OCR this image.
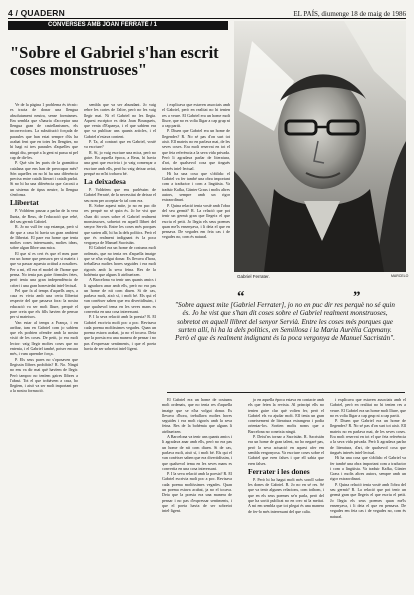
4 / QUADERN	EL PAÍS, diumenge 18 de maig de 1986
CONVERSES AMB JOAN FERRATÉ / 1
"Sobre el Gabriel s'han escrit coses monstruoses"

Ve de la pàgina 1 problema és tècnic: es tracta de donar una llengua absolutament neutra, sense formismes. Em sembla que s'hauria d'acceptar una llengua gran de castellanismes, els incorreccions. La substitució forçada de paraules que han estat sempre d'ús ha acabat fent que en totes les llengües, no hi hagi ni tres paraules d'aquelles que ningú diu, perquè a la gent ni passa ni pel cap de dir-les.

P. Què són les parts de la gramàtica catalana que ens han de preocupar més? Són aquelles on no hi ha una diferència precisa entre català literari i català parlat. Si no hi ha una diferència que s'acosti a un sistema de tipus neutre, la llengua s'enfonsa.

Llibertat

P. Voldríem passar a parlar de la vera llunta, de Reus, de l'educació que rebé, del seu germà Gabriel.

R. Jo no vull fer cap estampa, però sí dir que a casa hi havia un gran ambient de llibertat. El pare era home que tenia moltes coses interessants, moltes ideas, sobre algun llibre una mica.

El que sí es cert és que el meu pare era un home que pensava per si mateix i que va passar aquesta actitud a nosaltres. Per a mi, ell era el model de l'home que pensa. No tenia pas gaire fórmules fetes, però tenia una gran independència de criteri i una gran honestedat intel·lectual.

Pel que fa al temps d'aquells anys, a casa es vivia amb una certa llibertat respecte del que passava fora: la nostra educació va ser molt lliure, perquè el pare creia que els fills havien de pensar per si mateixos.

Van estar al temps a França, i en arribar, tam en Gabriel com jo sabíem que els podrien ofendre amb la nostra visió de les coses. De petit, jo era molt lector: vaig llegir moltes coses que no entenia, i el Gabriel també, potser encara més, i vam aprendre força.

P. Els seus pares no s'oposaven que llegissin llibres prohibits? R. No. Ningú no ens va dir mai què havíem de llegir. Però tampoc no teníem gaires llibres a l'abast. Tot el que trobàvem a casa, ho llegíem, i això va ser molt important per a la nostra formació.

sembla que va ser abundant. Jo vaig rebre les cartes de l'altre, però no les vaig llegir mai. Ni el Gabriel no les llegia. Aquest escriptor es deia Joan Bousquets, que venia d'Espanya, i el que sabíem era que va publicar uns quants articles, i el Gabriel n'estava content.

P. Ta, al contrari que en Gabriel, vostè va escriure?

R. Sí, jo vaig escriure una mica, però no gaire. En aquella època, a Reus, hi havia una gent que escrivia i jo vaig començar a escriure amb ells, però ho vaig deixar aviat, perquè no m'hi trobava bé.

La deixadesa

P. Voldríem que ens parléssim de Gabriel Ferraté, de la necessitat de deixar el seu nom per acceptar-lo tal com era.

R. Sobre aquest mite, jo no en puc dir res perquè no sé quin és. Jo he vist que s'han dit coses sobre el Gabriel realment monstruoses, sobretot en aquell llibret del senyor Servià. Entre les coses més porques que surten allí, hi ha la dels polítics. Però el que és realment indignant és la poca vergonya de Manuel Sacristán.

El Gabriel era un home de costums molt ordenats, que no tenia res d'aquella imatge que se n'ha volgut donar. Es llevava d'hora, treballava moltes hores seguides i era molt rigorós amb la seva feina. Res de la bohèmia que alguns li atribueixen.

A Barcelona va tenir uns quants amics i li agradava anar amb ells, però no era pas un home de nit com diuen. Si de cas, parlava molt, això sí, i molt bé. Els qui el van conèixer saben que era divertidíssim, i que qualsevol tema en les seves mans es convertia en una cosa interessant.

P. I la seva relació amb la poesia? R. El Gabriel escrivia molt poc a poc. Revisava cada poema moltíssimes vegades. Quan un poema estava acabat, ja no el tocava. Deia que la poesia era una manera de pensar i no pas d'expressar sentiments, i que el poeta havia de ser sobretot intel·ligent.

i explicava que estaven associats amb el Gabriel, però en realitat no hi tenien res a veure. El Gabriel era un home molt lliure, que no es volia lligar a cap grup ni a cap partit.

P. Diuen que Gabriel era un home de llegendes? R. No sé pas d'on surt tot això. Ell mateix no en parlava mai, de les seves coses. Era molt reservat en tot el que feia referència a la seva vida privada. Però li agradava parlar de literatura, d'art, de qualsevol cosa que tingués interès intel·lectual.

Hi ha una cosa que s'oblida: el Gabriel va fer també una obra important com a traductor i com a lingüista. Va traduir Kafka, Günter Grass i molts altres autors, sempre amb un rigor extraordinari.

P. Quina relació tenia vostè amb l'obra del seu germà? R. La relació que pot tenir un germà gran que llegeix el que escriu el petit. Jo llegia els seus poemes quan me'ls ensenyava, i li deia el que en pensava. De vegades em feia cas i de vegades no, com és natural.

Gabriel Ferrater.	MARCELO
“	”
"Sobre aquest mite [Gabriel Ferrater], jo no en puc dir res perquè no sé quin és. Jo he vist que s'han dit coses sobre el Gabriel realment monstruoses, sobretot en aquell llibret del senyor Servià. Entre les coses més porques que surten allí, hi ha la dels polítics, en Semillosa i la Maria Aurèlia Capmany. Però el que és realment indignant és la poca vergonya de Manuel Sacristán".

El Gabriel era un home de costums molt ordenats, que no tenia res d'aquella imatge que se n'ha volgut donar. Es llevava d'hora, treballava moltes hores seguides i era molt rigorós amb la seva feina. Res de la bohèmia que alguns li atribueixen.

A Barcelona va tenir uns quants amics i li agradava anar amb ells, però no era pas un home de nit com diuen. Si de cas, parlava molt, això sí, i molt bé. Els qui el van conèixer saben que era divertidíssim, i que qualsevol tema en les seves mans es convertia en una cosa interessant.

P. I la seva relació amb la poesia? R. El Gabriel escrivia molt poc a poc. Revisava cada poema moltíssimes vegades. Quan un poema estava acabat, ja no el tocava. Deia que la poesia era una manera de pensar i no pas d'expressar sentiments, i que el poeta havia de ser sobretot intel·ligent.

jo en aquella època estava en contacte amb els que feien la revista. Al principi ells no tenien gaire clar què volien fer, però el Gabriel els va ajudar molt. Ell tenia un gran coneixement de literatura estrangera i podia orientar-los. Sortien molts noms que a Barcelona no coneixia ningú.

P. Deixi'ns tornar a Sacristán. R. Sacristán era un home de gran talent, no ho negaré pas, però la seva actuació en aquest afer em sembla vergonyosa. Va escriure coses sobre el Gabriel que eren falses i que ell sabia que eren falses.

Ferrater i les dones

P. Però hi ha hagut molt més soroll sobre les dones de Gabriel. R. Jo no en sé res. Sé que va tenir algunes relacions, com tothom, i que en els seus poemes se'n parla, però del que ha sortit publicat no en crec ni la meitat. A mi em sembla que tot plegat és una manera de fer-lo més interessant del que calia.

i explicava que estaven associats amb el Gabriel, però en realitat no hi tenien res a veure. El Gabriel era un home molt lliure, que no es volia lligar a cap grup ni a cap partit.

P. Diuen que Gabriel era un home de llegendes? R. No sé pas d'on surt tot això. Ell mateix no en parlava mai, de les seves coses. Era molt reservat en tot el que feia referència a la seva vida privada. Però li agradava parlar de literatura, d'art, de qualsevol cosa que tingués interès intel·lectual.

Hi ha una cosa que s'oblida: el Gabriel va fer també una obra important com a traductor i com a lingüista. Va traduir Kafka, Günter Grass i molts altres autors, sempre amb un rigor extraordinari.

P. Quina relació tenia vostè amb l'obra del seu germà? R. La relació que pot tenir un germà gran que llegeix el que escriu el petit. Jo llegia els seus poemes quan me'ls ensenyava, i li deia el que en pensava. De vegades em feia cas i de vegades no, com és natural.
